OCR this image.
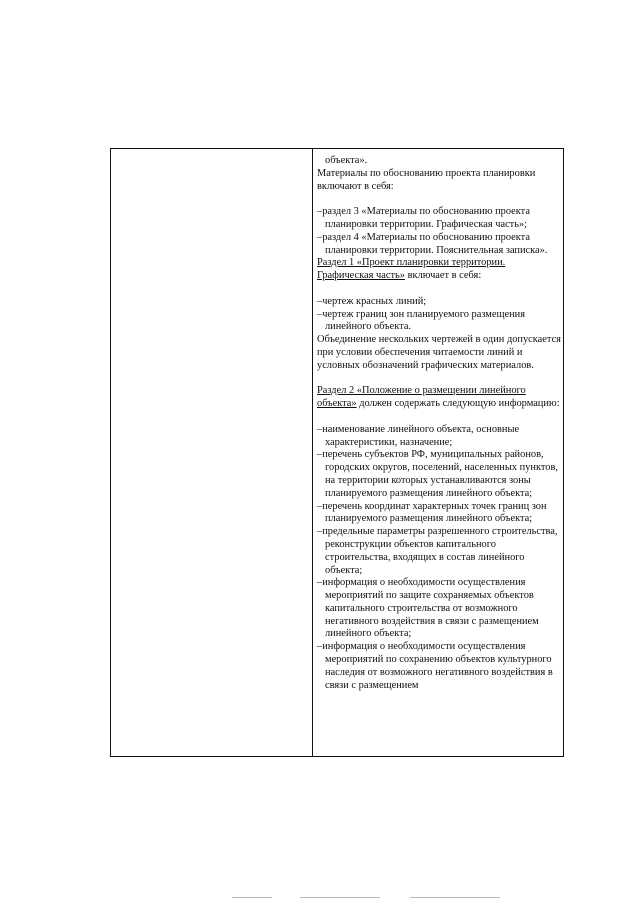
объекта».

Материалы по обоснованию проекта планировки включают в себя:

–раздел 3 «Материалы по обоснованию проекта планировки территории. Графическая часть»;

–раздел 4 «Материалы по обоснованию проекта планировки территории. Пояснительная записка».

Раздел 1 «Проект планировки территории. Графическая часть» включает в себя:

–чертеж красных линий;

–чертеж границ зон планируемого размещения линейного объекта.

Объединение нескольких чертежей в один допускается при условии обеспечения читаемости линий и условных обозначений графических материалов.

Раздел 2 «Положение о размещении линейного объекта» должен содержать следующую информацию:

–наименование линейного объекта, основные характеристики, назначение;

–перечень субъектов РФ, муниципальных районов, городских округов, поселений, населенных пунктов, на территории которых устанавливаются зоны планируемого размещения линейного объекта;

–перечень координат характерных точек границ зон планируемого размещения линейного объекта;

–предельные параметры разрешенного строительства, реконструкции объектов капитального строительства, входящих в состав линейного объекта;

–информация о необходимости осуществления мероприятий по защите сохраняемых объектов капитального строительства от возможного негативного воздействия в связи с размещением линейного объекта;

–информация о необходимости осуществления мероприятий по сохранению объектов культурного наследия от возможного негативного воздействия в связи с размещением
